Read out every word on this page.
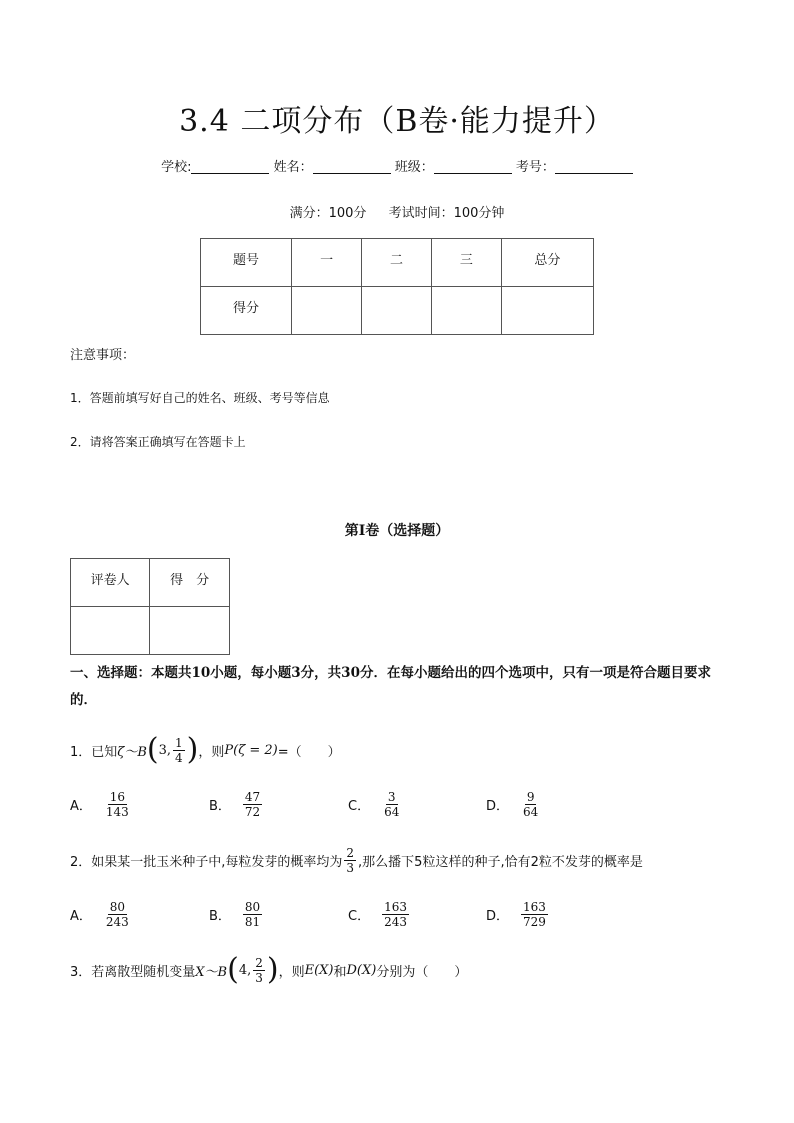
3.4 二项分布（B卷·能力提升）
学校:	姓名：	班级：	考号：
满分：100分 考试时间：100分钟
题号	一	二	三	总分
得分				
注意事项：
1．答题前填写好自己的姓名、班级、考号等信息
2．请将答案正确填写在答题卡上
第I卷（选择题）
评卷人	得　分

一、选择题：本题共10小题，每小题3分，共30分．在每小题给出的四个选项中，只有一项是符合题目要求的．
1．已知 ζ～B ( 3, $\frac{1}{4}$ ) ，则 P(ζ = 2) =（　　）
A． $\frac{16}{143}$	B． $\frac{47}{72}$	C． $\frac{3}{64}$	D． $\frac{9}{64}$
2．如果某一批玉米种子中,每粒发芽的概率均为 $\frac{2}{3}$ ,那么播下5粒这样的种子,恰有2粒不发芽的概率是
A． $\frac{80}{243}$	B． $\frac{80}{81}$	C． $\frac{163}{243}$	D． $\frac{163}{729}$
3．若离散型随机变量 X～B ( 4, $\frac{2}{3}$ ) ，则 E(X) 和 D(X) 分别为（　　）
